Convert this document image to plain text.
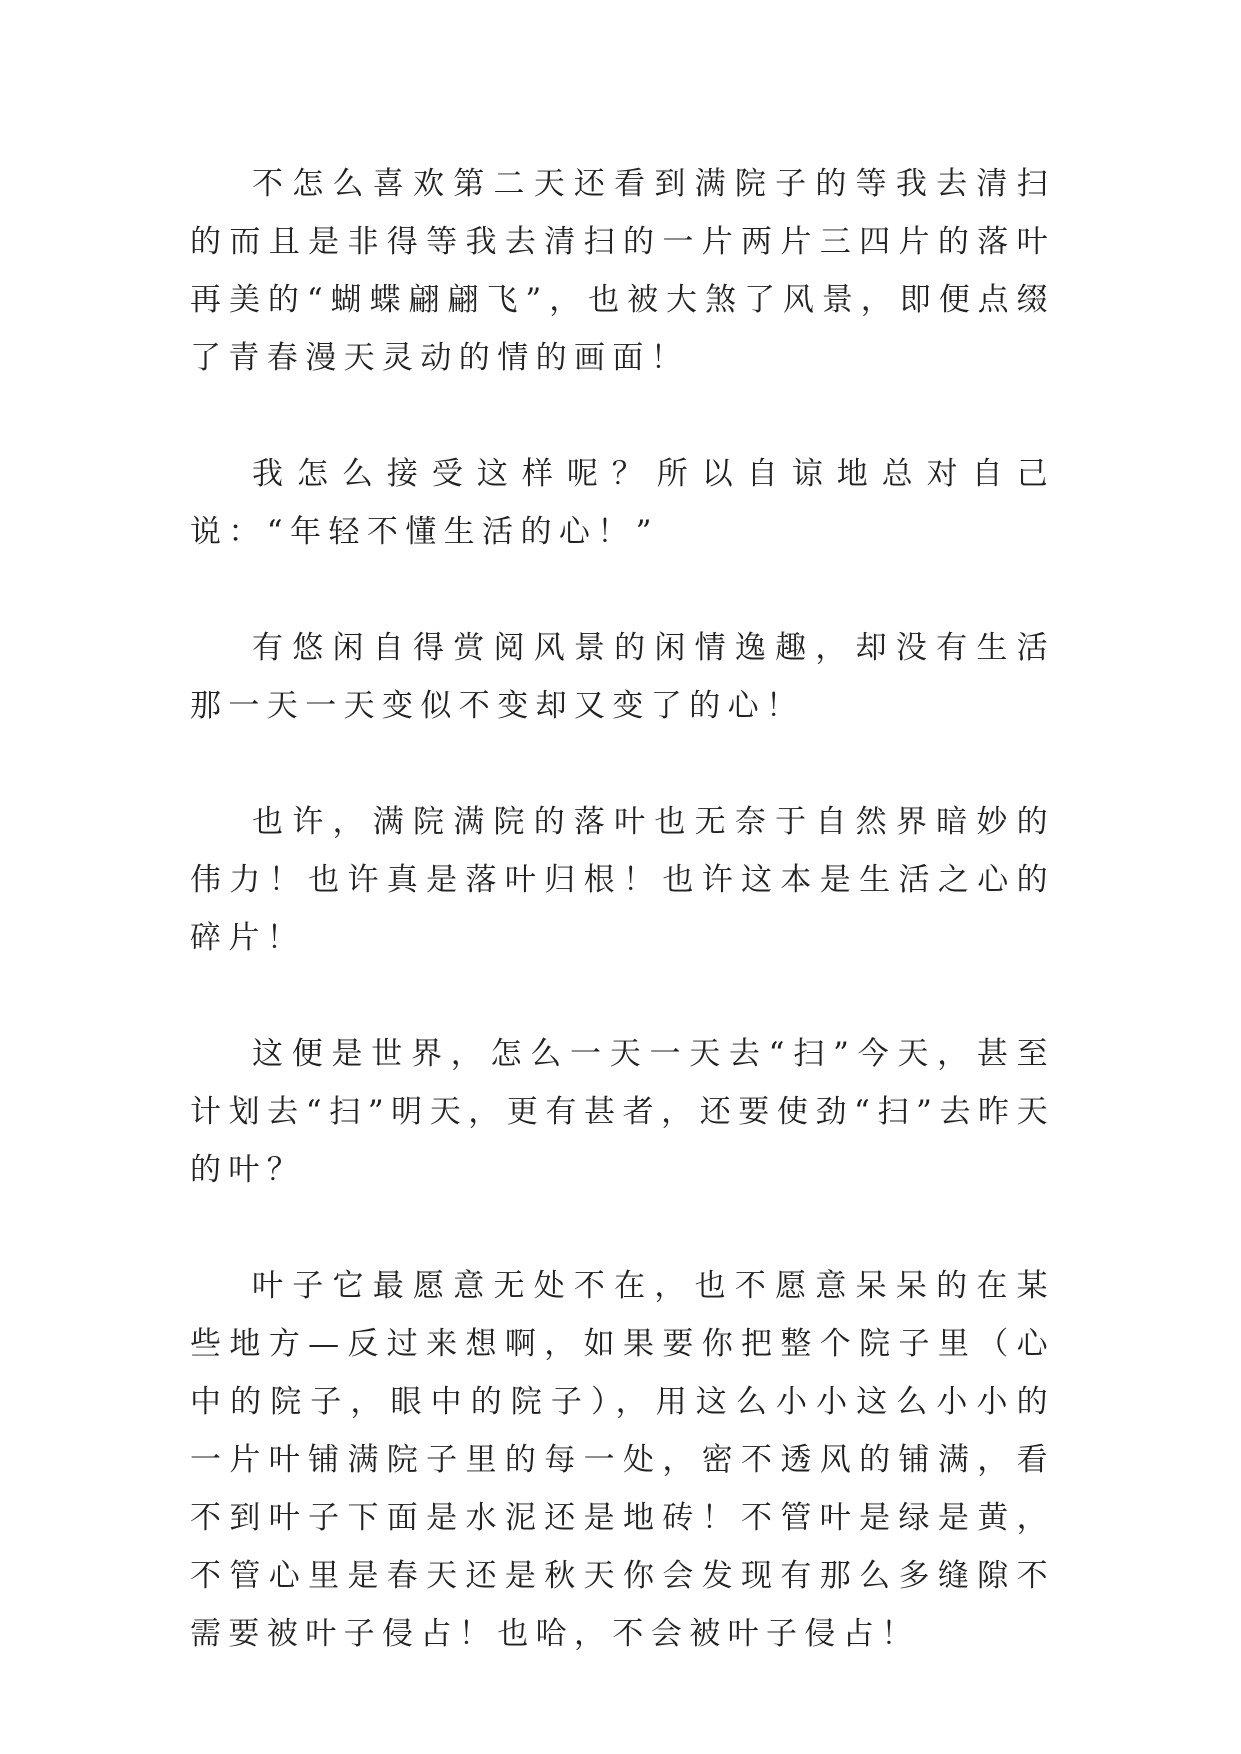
不怎么喜欢第二天还看到满院子的等我去清扫的而且是非得等我去清扫的一片两片三四片的落叶再美的“蝴蝶翩翩飞”，也被大煞了风景，即便点缀了青春漫天灵动的情的画面！

我怎么接受这样呢？所以自谅地总对自己说：“年轻不懂生活的心！”

有悠闲自得赏阅风景的闲情逸趣，却没有生活那一天一天变似不变却又变了的心！

也许，满院满院的落叶也无奈于自然界暗妙的伟力！也许真是落叶归根！也许这本是生活之心的碎片！

这便是世界，怎么一天一天去“扫”今天，甚至计划去“扫”明天，更有甚者，还要使劲“扫”去昨天的叶？

叶子它最愿意无处不在，也不愿意呆呆的在某些地方—反过来想啊，如果要你把整个院子里（心中的院子，眼中的院子），用这么小小这么小小的一片叶铺满院子里的每一处，密不透风的铺满，看不到叶子下面是水泥还是地砖！不管叶是绿是黄，不管心里是春天还是秋天你会发现有那么多缝隙不需要被叶子侵占！也哈，不会被叶子侵占！
